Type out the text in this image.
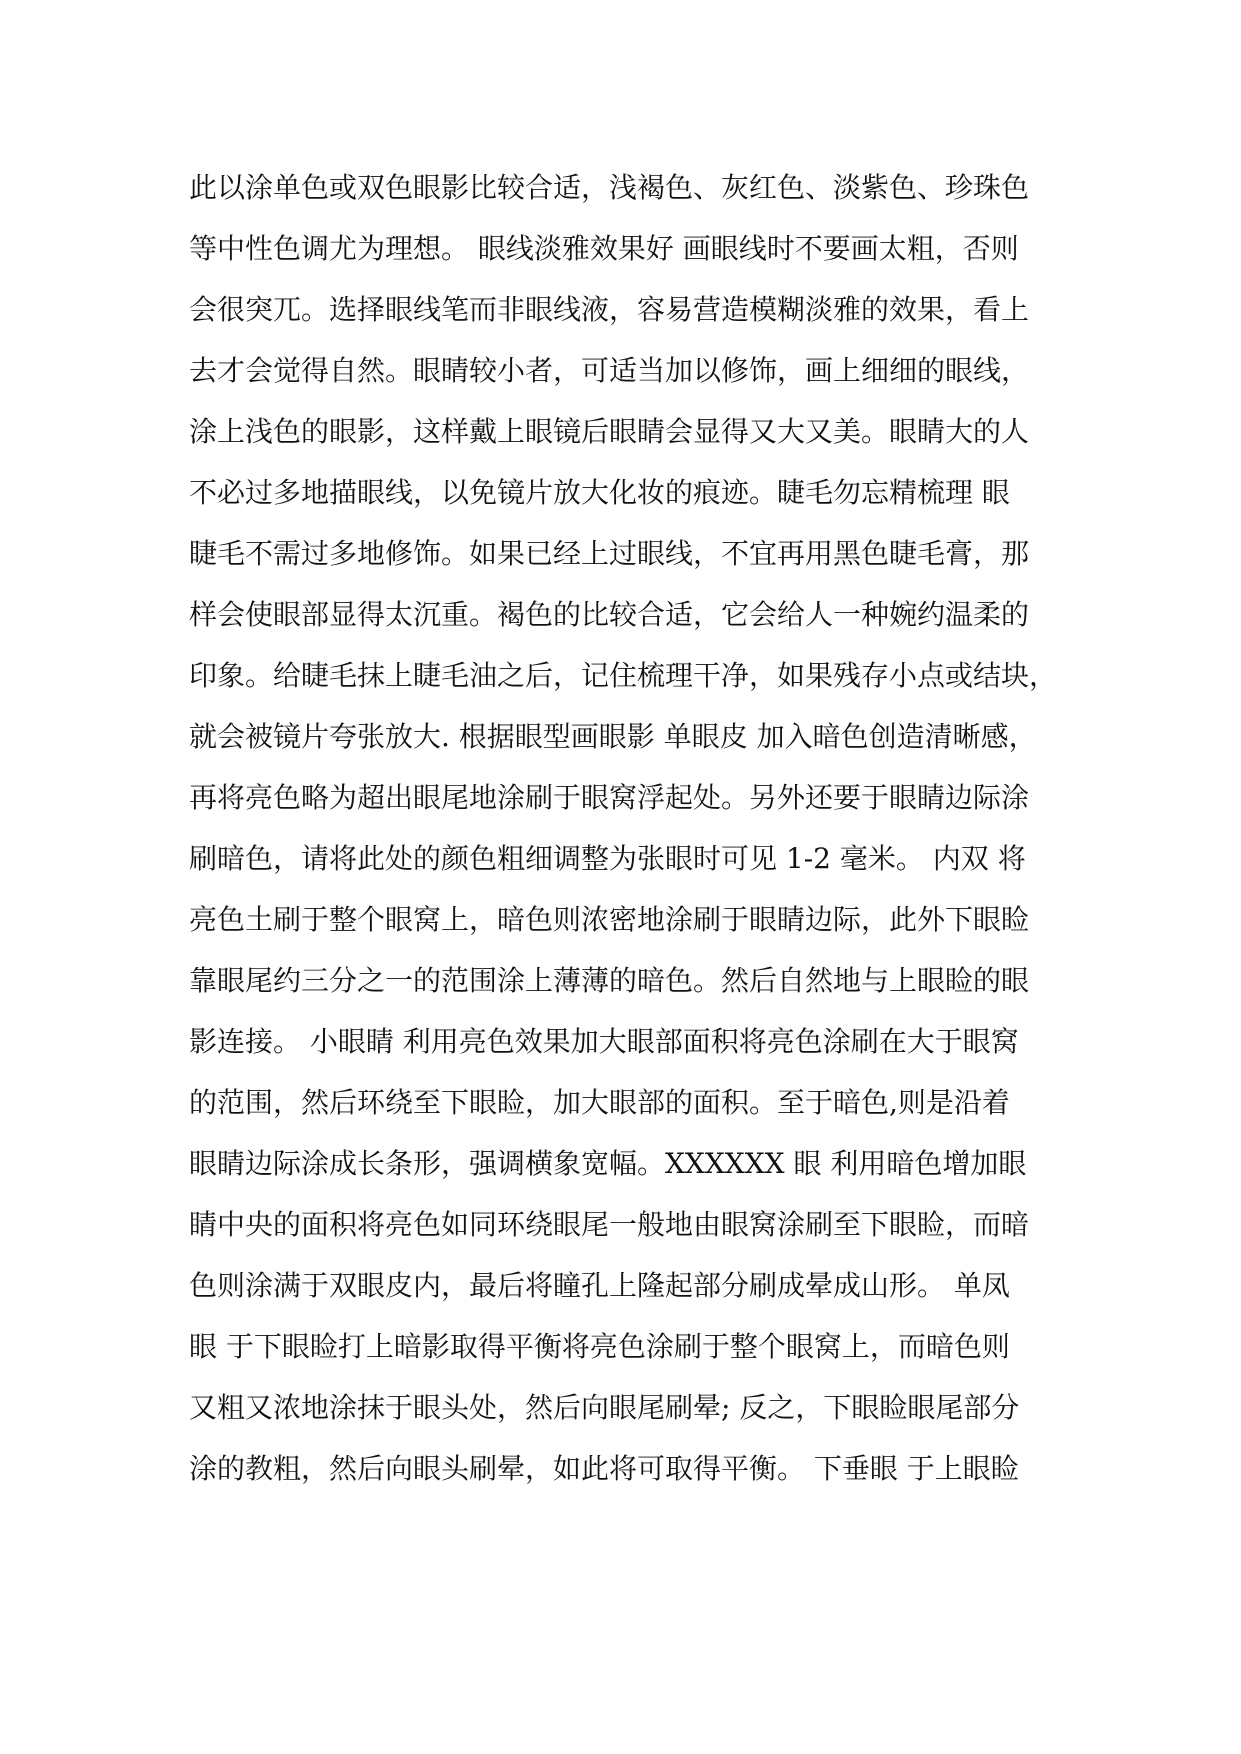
此以涂单色或双色眼影比较合适，浅褐色、灰红色、淡紫色、珍珠色
等中性色调尤为理想。 眼线淡雅效果好 画眼线时不要画太粗，否则
会很突兀。选择眼线笔而非眼线液，容易营造模糊淡雅的效果，看上
去才会觉得自然。眼睛较小者，可适当加以修饰，画上细细的眼线，
涂上浅色的眼影，这样戴上眼镜后眼睛会显得又大又美。眼睛大的人
不必过多地描眼线，以免镜片放大化妆的痕迹。睫毛勿忘精梳理 眼
睫毛不需过多地修饰。如果已经上过眼线，不宜再用黑色睫毛膏，那
样会使眼部显得太沉重。褐色的比较合适，它会给人一种婉约温柔的
印象。给睫毛抹上睫毛油之后，记住梳理干净，如果残存小点或结块，
就会被镜片夸张放大. 根据眼型画眼影 单眼皮 加入暗色创造清晰感，
再将亮色略为超出眼尾地涂刷于眼窝浮起处。另外还要于眼睛边际涂
刷暗色，请将此处的颜色粗细调整为张眼时可见 1-2 毫米。 内双 将
亮色土刷于整个眼窝上，暗色则浓密地涂刷于眼睛边际，此外下眼睑
靠眼尾约三分之一的范围涂上薄薄的暗色。然后自然地与上眼睑的眼
影连接。 小眼睛 利用亮色效果加大眼部面积将亮色涂刷在大于眼窝
的范围，然后环绕至下眼睑，加大眼部的面积。至于暗色,则是沿着
眼睛边际涂成长条形，强调横象宽幅。XXXXXX 眼 利用暗色增加眼
睛中央的面积将亮色如同环绕眼尾一般地由眼窝涂刷至下眼睑，而暗
色则涂满于双眼皮内，最后将瞳孔上隆起部分刷成晕成山形。 单凤
眼 于下眼睑打上暗影取得平衡将亮色涂刷于整个眼窝上，而暗色则
又粗又浓地涂抹于眼头处，然后向眼尾刷晕; 反之，下眼睑眼尾部分
涂的教粗，然后向眼头刷晕，如此将可取得平衡。 下垂眼 于上眼睑
